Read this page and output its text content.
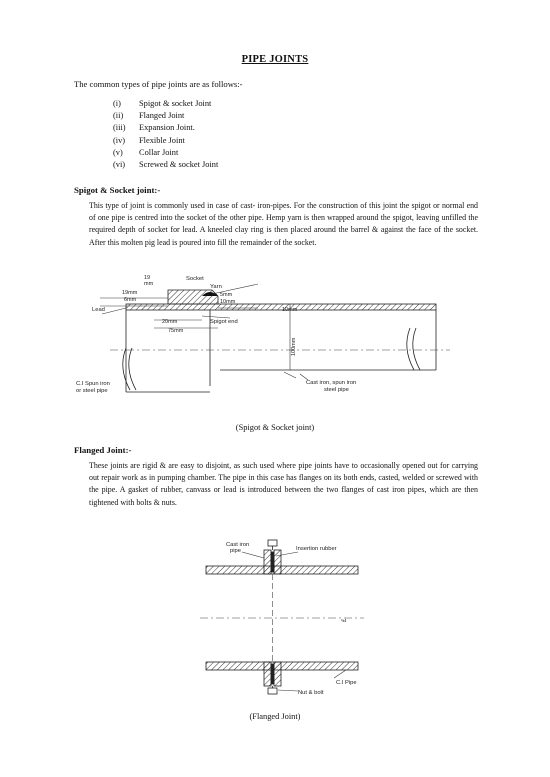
PIPE JOINTS
The common types of pipe joints are as follows:-
(i)	Spigot & socket Joint
(ii)	Flanged Joint
(iii)	Expansion Joint.
(iv)	Flexible Joint
(v)	Collar Joint
(vi)	Screwed & socket Joint
Spigot & Socket joint:-

This type of joint is commonly used in case of cast- iron-pipes. For the construction of this joint the spigot or normal end of one pipe is centred into the socket of the other pipe. Hemp yarn is then wrapped around the spigot, leaving unfilled the required depth of socket for lead. A kneeled clay ring is then placed around the barrel & against the face of the socket. After this molten pig lead is poured into fill the remainder of the socket.

19
mm
Socket
Yarn
19mm
6mm
5mm
10mm
Lead	10mm
20mm	Spigot end
75mm
100mm
C.I Spun iron
or steel pipe
Cast iron, spun iron
steel pipe
(Spigot & Socket joint)
Flanged Joint:-

These joints are rigid & are easy to disjoint, as such used where pipe joints have to occasionally opened out for carrying out repair work as in pumping chamber. The pipe in this case has flanges on its both ends, casted, welded or screwed with the pipe. A gasket of rubber, canvass or lead is introduced between the two flanges of cast iron pipes, which are then tightened with bolts & nuts.

Cast iron
pipe	Insertion rubber
Nut & bolt
C.I Pipe
£
(Flanged Joint)
